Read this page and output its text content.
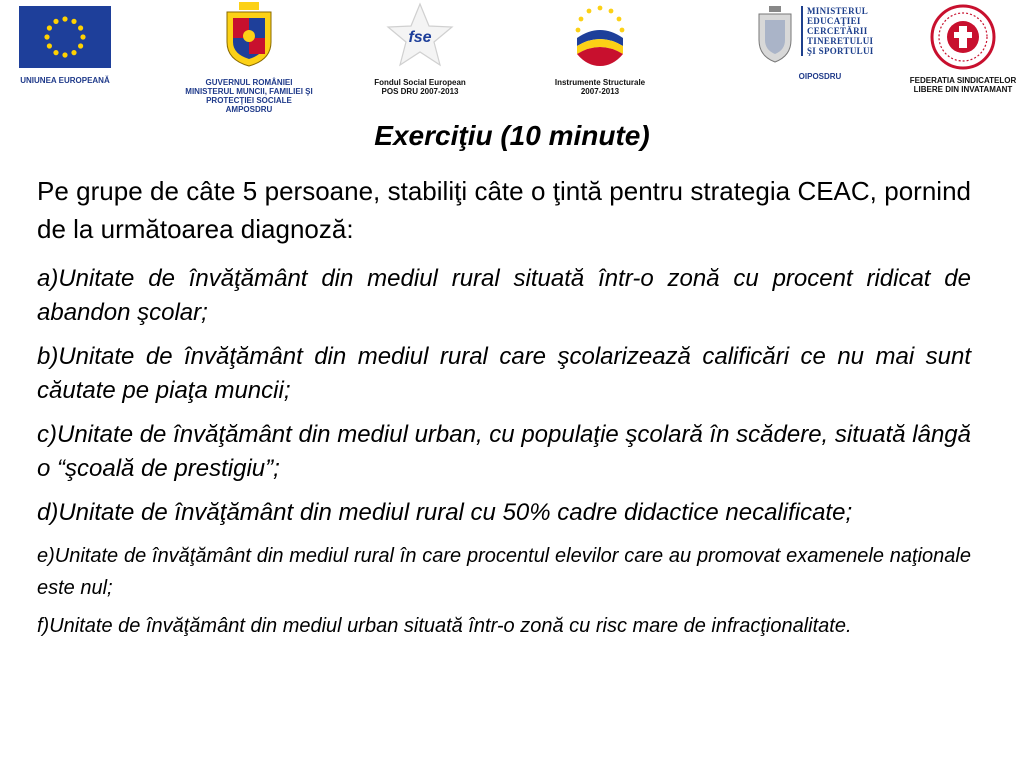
UNIUNEA EUROPEANĂ	GUVERNUL ROMÂNIEI
MINISTERUL MUNCII, FAMILIEI ŞI
PROTECŢIEI SOCIALE
AMPOSDRU
fse
Fondul Social European
POS DRU 2007-2013
Instrumente Structurale
2007-2013
MINISTERUL
EDUCAŢIEI
CERCETĂRII
TINERETULUI
ŞI SPORTULUI
OIPOSDRU	FEDERATIA SINDICATELOR
LIBERE DIN INVATAMANT
Exerciţiu (10 minute)

Pe grupe de câte 5 persoane, stabiliţi câte o ţintă pentru strategia CEAC, pornind de la următoarea diagnoză:

a)Unitate de învăţământ din mediul rural situată într-o zonă cu procent ridicat de abandon şcolar;
b)Unitate de învăţământ din mediul rural care şcolarizează calificări ce nu mai sunt căutate pe piaţa muncii;
c)Unitate de învăţământ din mediul urban, cu populaţie şcolară în scădere, situată lângă o “şcoală de prestigiu”;
d)Unitate de învăţământ din mediul rural cu 50% cadre didactice necalificate;
e)Unitate de învăţământ din mediul rural în care procentul elevilor care au promovat examenele naţionale este nul;
f)Unitate de învăţământ din mediul urban situată într-o zonă cu risc mare de infracţionalitate.
